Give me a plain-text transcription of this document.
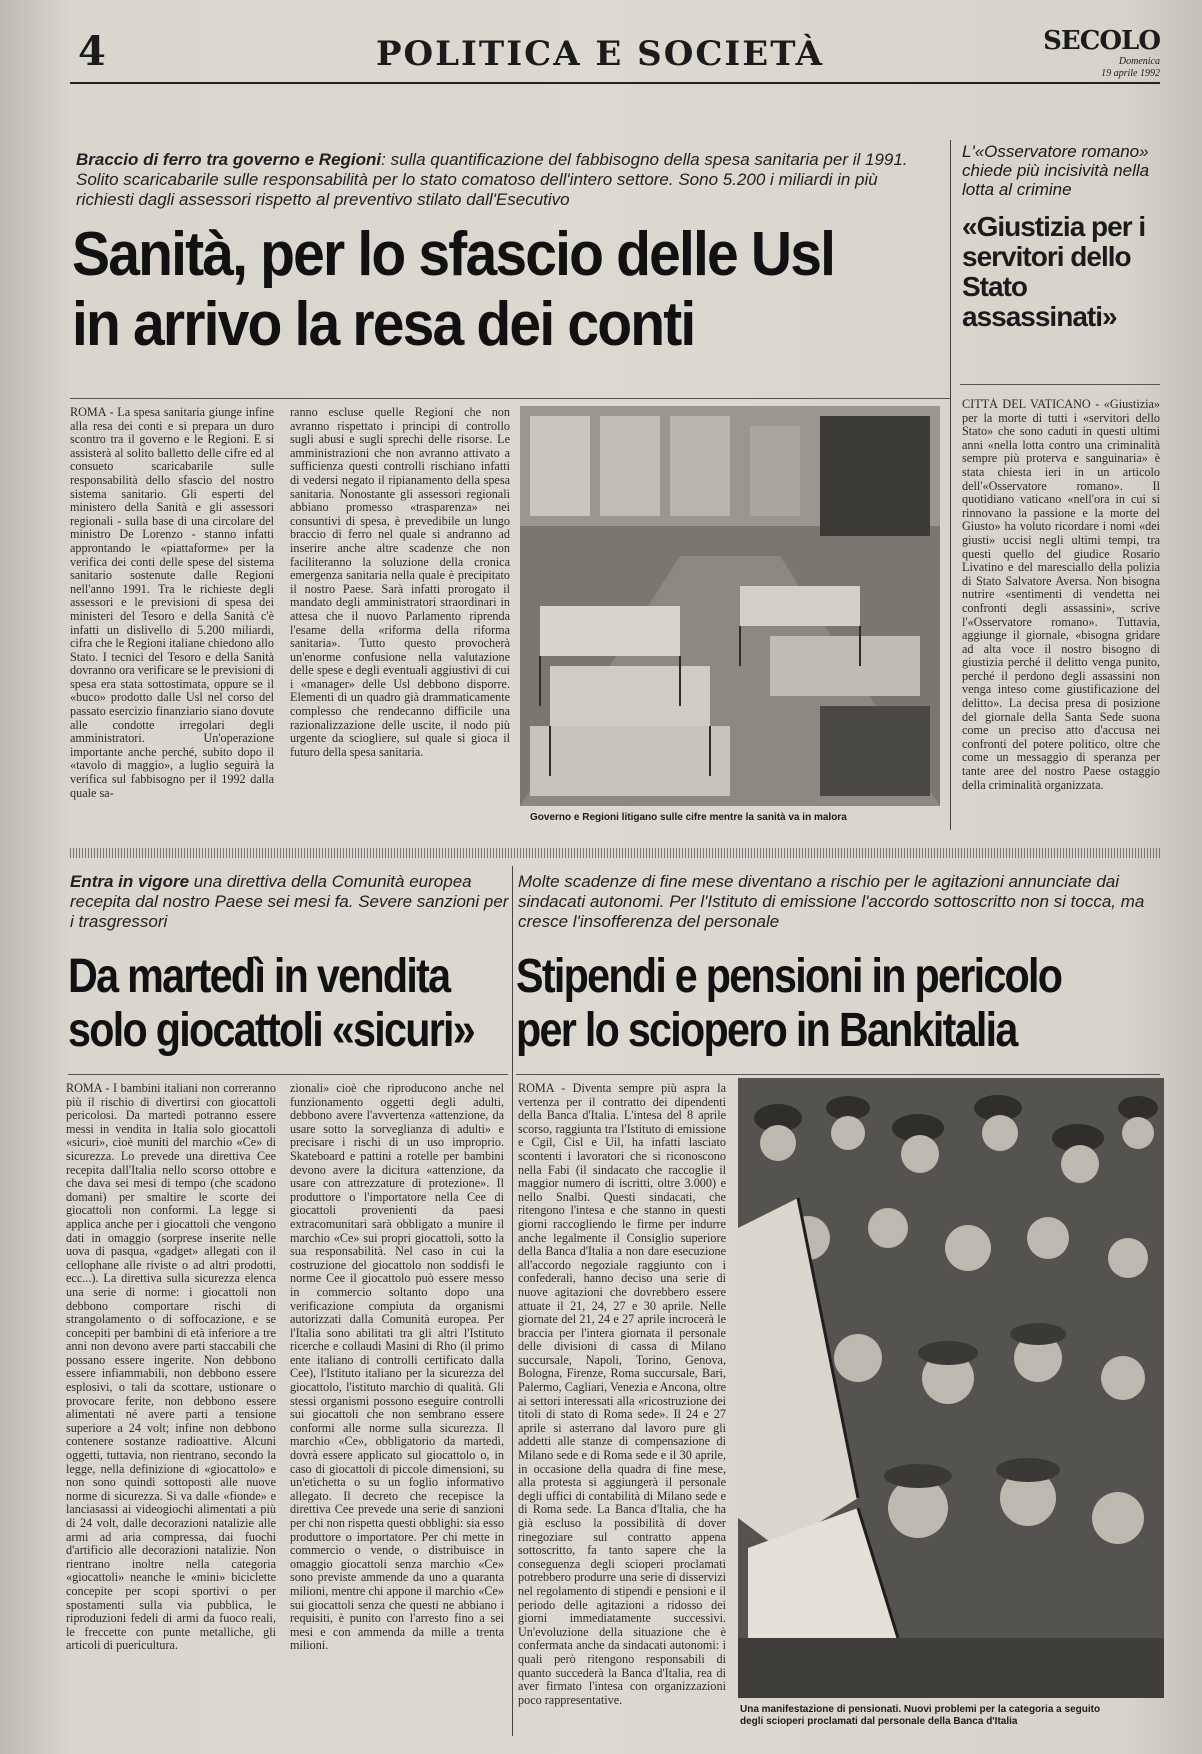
4	POLITICA E SOCIETÀ	SECOLO
Domenica
19 aprile 1992
Braccio di ferro tra governo e Regioni: sulla quantificazione del fabbisogno della spesa sanitaria per il 1991. Solito scaricabarile sulle responsabilità per lo stato comatoso dell'intero settore. Sono 5.200 i miliardi in più richiesti dagli assessori rispetto al preventivo stilato dall'Esecutivo
Sanità, per lo sfascio delle Usl
in arrivo la resa dei conti
ROMA - La spesa sanitaria giunge infine alla resa dei conti e si prepara un duro scontro tra il governo e le Regioni. E si assisterà al solito balletto delle cifre ed al consueto scaricabarile sulle responsabilità dello sfascio del nostro sistema sanitario. Gli esperti del ministero della Sanità e gli assessori regionali - sulla base di una circolare del ministro De Lorenzo - stanno infatti approntando le «piattaforme» per la verifica dei conti delle spese del sistema sanitario sostenute dalle Regioni nell'anno 1991. Tra le richieste degli assessori e le previsioni di spesa dei ministeri del Tesoro e della Sanità c'è infatti un dislivello di 5.200 miliardi, cifra che le Regioni italiane chiedono allo Stato. I tecnici del Tesoro e della Sanità dovranno ora verificare se le previsioni di spesa era stata sottostimata, oppure se il «buco» prodotto dalle Usl nel corso del passato esercizio finanziario siano dovute alle condotte irregolari degli amministratori. Un'operazione importante anche perché, subito dopo il «tavolo di maggio», a luglio seguirà la verifica sul fabbisogno per il 1992 dalla quale sa-
ranno escluse quelle Regioni che non avranno rispettato i principi di controllo sugli abusi e sugli sprechi delle risorse. Le amministrazioni che non avranno attivato a sufficienza questi controlli rischiano infatti di vedersi negato il ripianamento della spesa sanitaria. Nonostante gli assessori regionali abbiano promesso «trasparenza» nei consuntivi di spesa, è prevedibile un lungo braccio di ferro nel quale si andranno ad inserire anche altre scadenze che non faciliteranno la soluzione della cronica emergenza sanitaria nella quale è precipitato il nostro Paese. Sarà infatti prorogato il mandato degli amministratori straordinari in attesa che il nuovo Parlamento riprenda l'esame della «riforma della riforma sanitaria». Tutto questo provocherà un'enorme confusione nella valutazione delle spese e degli eventuali aggiustivi di cui i «manager» delle Usl debbono disporre. Elementi di un quadro già drammaticamente complesso che rendecanno difficile una razionalizzazione delle uscite, il nodo più urgente da sciogliere, sul quale si gioca il futuro della spesa sanitaria.
Governo e Regioni litigano sulle cifre mentre la sanità va in malora
L'«Osservatore romano» chiede più incisività nella lotta al crimine
«Giustizia per i servitori dello Stato assassinati»
CITTÀ DEL VATICANO - «Giustizia» per la morte di tutti i «servitori dello Stato» che sono caduti in questi ultimi anni «nella lotta contro una criminalità sempre più proterva e sanguinaria» è stata chiesta ieri in un articolo dell'«Osservatore romano». Il quotidiano vaticano «nell'ora in cui si rinnovano la passione e la morte del Giusto» ha voluto ricordare i nomi «dei giusti» uccisi negli ultimi tempi, tra questi quello del giudice Rosario Livatino e del maresciallo della polizia di Stato Salvatore Aversa. Non bisogna nutrire «sentimenti di vendetta nei confronti degli assassini», scrive l'«Osservatore romano». Tuttavia, aggiunge il giornale, «bisogna gridare ad alta voce il nostro bisogno di giustizia perché il delitto venga punito, perché il perdono degli assassini non venga inteso come giustificazione del delitto». La decisa presa di posizione del giornale della Santa Sede suona come un preciso atto d'accusa nei confronti del potere politico, oltre che come un messaggio di speranza per tante aree del nostro Paese ostaggio della criminalità organizzata.
Entra in vigore una direttiva della Comunità europea recepita dal nostro Paese sei mesi fa. Severe sanzioni per i trasgressori
Da martedì in vendita
solo giocattoli «sicuri»
ROMA - I bambini italiani non correranno più il rischio di divertirsi con giocattoli pericolosi. Da martedì potranno essere messi in vendita in Italia solo giocattoli «sicuri», cioè muniti del marchio «Ce» di sicurezza. Lo prevede una direttiva Cee recepita dall'Italia nello scorso ottobre e che dava sei mesi di tempo (che scadono domani) per smaltire le scorte dei giocattoli non conformi. La legge si applica anche per i giocattoli che vengono dati in omaggio (sorprese inserite nelle uova di pasqua, «gadget» allegati con il cellophane alle riviste o ad altri prodotti, ecc...). La direttiva sulla sicurezza elenca una serie di norme: i giocattoli non debbono comportare rischi di strangolamento o di soffocazione, e se concepiti per bambini di età inferiore a tre anni non devono avere parti staccabili che possano essere ingerite. Non debbono essere infiammabili, non debbono essere esplosivi, o tali da scottare, ustionare o provocare ferite, non debbono essere alimentati né avere parti a tensione superiore a 24 volt; infine non debbono contenere sostanze radioattive. Alcuni oggetti, tuttavia, non rientrano, secondo la legge, nella definizione di «giocattolo» e non sono quindi sottoposti alle nuove norme di sicurezza. Si va dalle «fionde» e lanciasassi ai videogiochi alimentati a più di 24 volt, dalle decorazioni natalizie alle armi ad aria compressa, dai fuochi d'artificio alle decorazioni natalizie. Non rientrano inoltre nella categoria «giocattoli» neanche le «mini» biciclette concepite per scopi sportivi o per spostamenti sulla via pubblica, le riproduzioni fedeli di armi da fuoco reali, le freccette con punte metalliche, gli articoli di puericultura.
zionali» cioè che riproducono anche nel funzionamento oggetti degli adulti, debbono avere l'avvertenza «attenzione, da usare sotto la sorveglianza di adulti» e precisare i rischi di un uso improprio. Skateboard e pattini a rotelle per bambini devono avere la dicitura «attenzione, da usare con attrezzature di protezione». Il produttore o l'importatore nella Cee di giocattoli provenienti da paesi extracomunitari sarà obbligato a munire il marchio «Ce» sui propri giocattoli, sotto la sua responsabilità. Nel caso in cui la costruzione del giocattolo non soddisfi le norme Cee il giocattolo può essere messo in commercio soltanto dopo una verificazione compiuta da organismi autorizzati dalla Comunità europea. Per l'Italia sono abilitati tra gli altri l'Istituto ricerche e collaudi Masini di Rho (il primo ente italiano di controlli certificato dalla Cee), l'Istituto italiano per la sicurezza del giocattolo, l'istituto marchio di qualità. Gli stessi organismi possono eseguire controlli sui giocattoli che non sembrano essere conformi alle norme sulla sicurezza. Il marchio «Ce», obbligatorio da martedì, dovrà essere applicato sul giocattolo o, in caso di giocattoli di piccole dimensioni, su un'etichetta o su un foglio informativo allegato. Il decreto che recepisce la direttiva Cee prevede una serie di sanzioni per chi non rispetta questi obblighi: sia esso produttore o importatore. Per chi mette in commercio o vende, o distribuisce in omaggio giocattoli senza marchio «Ce» sono previste ammende da uno a quaranta milioni, mentre chi appone il marchio «Ce» sui giocattoli senza che questi ne abbiano i requisiti, è punito con l'arresto fino a sei mesi e con ammenda da mille a trenta milioni.
Molte scadenze di fine mese diventano a rischio per le agitazioni annunciate dai sindacati autonomi. Per l'Istituto di emissione l'accordo sottoscritto non si tocca, ma cresce l'insofferenza del personale
Stipendi e pensioni in pericolo
per lo sciopero in Bankitalia
ROMA - Diventa sempre più aspra la vertenza per il contratto dei dipendenti della Banca d'Italia. L'intesa del 8 aprile scorso, raggiunta tra l'Istituto di emissione e Cgil, Cisl e Uil, ha infatti lasciato scontenti i lavoratori che si riconoscono nella Fabi (il sindacato che raccoglie il maggior numero di iscritti, oltre 3.000) e nello Snalbi. Questi sindacati, che ritengono l'intesa e che stanno in questi giorni raccogliendo le firme per indurre anche legalmente il Consiglio superiore della Banca d'Italia a non dare esecuzione all'accordo negoziale raggiunto con i confederali, hanno deciso una serie di nuove agitazioni che dovrebbero essere attuate il 21, 24, 27 e 30 aprile. Nelle giornate del 21, 24 e 27 aprile incrocerà le braccia per l'intera giornata il personale delle divisioni di cassa di Milano succursale, Napoli, Torino, Genova, Bologna, Firenze, Roma succursale, Bari, Palermo, Cagliari, Venezia e Ancona, oltre ai settori interessati alla «ricostruzione dei titoli di stato di Roma sede». Il 24 e 27 aprile si asterrano dal lavoro pure gli addetti alle stanze di compensazione di Milano sede e di Roma sede e il 30 aprile, in occasione della quadra di fine mese, alla protesta si aggiungerà il personale degli uffici di contabilità di Milano sede e di Roma sede. La Banca d'Italia, che ha già escluso la possibilità di dover rinegoziare sul contratto appena sottoscritto, fa tanto sapere che la conseguenza degli scioperi proclamati potrebbero produrre una serie di disservizi nel regolamento di stipendi e pensioni e il periodo delle agitazioni a ridosso dei giorni immediatamente successivi. Un'evoluzione della situazione che è confermata anche da sindacati autonomi: i quali però ritengono responsabili di quanto succederà la Banca d'Italia, rea di aver firmato l'intesa con organizzazioni poco rappresentative.
Una manifestazione di pensionati. Nuovi problemi per la categoria a seguito
degli scioperi proclamati dal personale della Banca d'Italia
